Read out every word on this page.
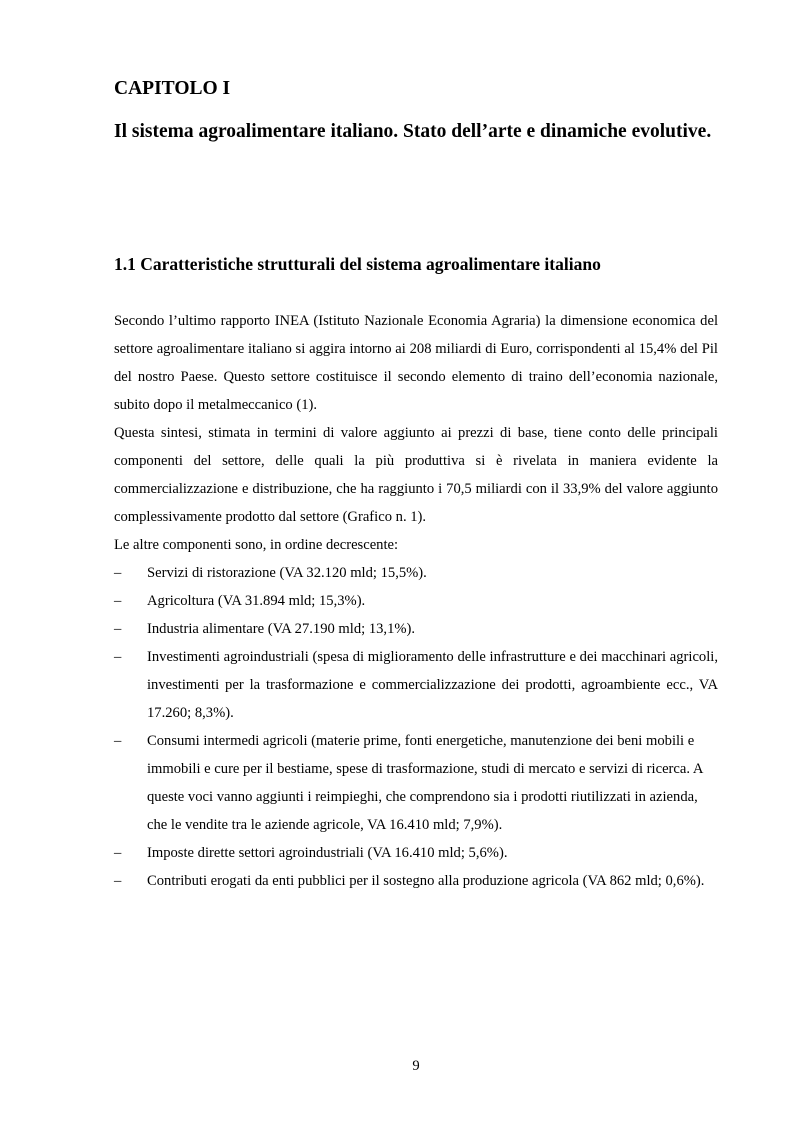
CAPITOLO I
Il sistema agroalimentare italiano. Stato dell’arte e dinamiche evolutive.
1.1 Caratteristiche strutturali del sistema agroalimentare italiano

Secondo l’ultimo rapporto INEA (Istituto Nazionale Economia Agraria) la dimensione economica del settore agroalimentare italiano si aggira intorno ai 208 miliardi di Euro, corrispondenti al 15,4% del Pil del nostro Paese. Questo settore costituisce il secondo elemento di traino dell’economia nazionale, subito dopo il metalmeccanico (1).

Questa sintesi, stimata in termini di valore aggiunto ai prezzi di base, tiene conto delle principali componenti del settore, delle quali la più produttiva si è rivelata in maniera evidente la commercializzazione e distribuzione, che ha raggiunto i 70,5 miliardi con il 33,9% del valore aggiunto complessivamente prodotto dal settore (Grafico n. 1).

Le altre componenti sono, in ordine decrescente:

– Servizi di ristorazione (VA 32.120 mld; 15,5%).
– Agricoltura (VA 31.894 mld; 15,3%).
– Industria alimentare (VA 27.190 mld; 13,1%).
– Investimenti agroindustriali (spesa di miglioramento delle infrastrutture e dei macchinari agricoli, investimenti per la trasformazione e commercializzazione dei prodotti, agroambiente ecc., VA 17.260; 8,3%).
– Consumi intermedi agricoli (materie prime, fonti energetiche, manutenzione dei beni mobili e immobili e cure per il bestiame, spese di trasformazione, studi di mercato e servizi di ricerca. A queste voci vanno aggiunti i reimpieghi, che comprendono sia i prodotti riutilizzati in azienda, che le vendite tra le aziende agricole, VA 16.410 mld; 7,9%).
– Imposte dirette settori agroindustriali (VA 16.410 mld; 5,6%).
– Contributi erogati da enti pubblici per il sostegno alla produzione agricola (VA 862 mld; 0,6%).
9
